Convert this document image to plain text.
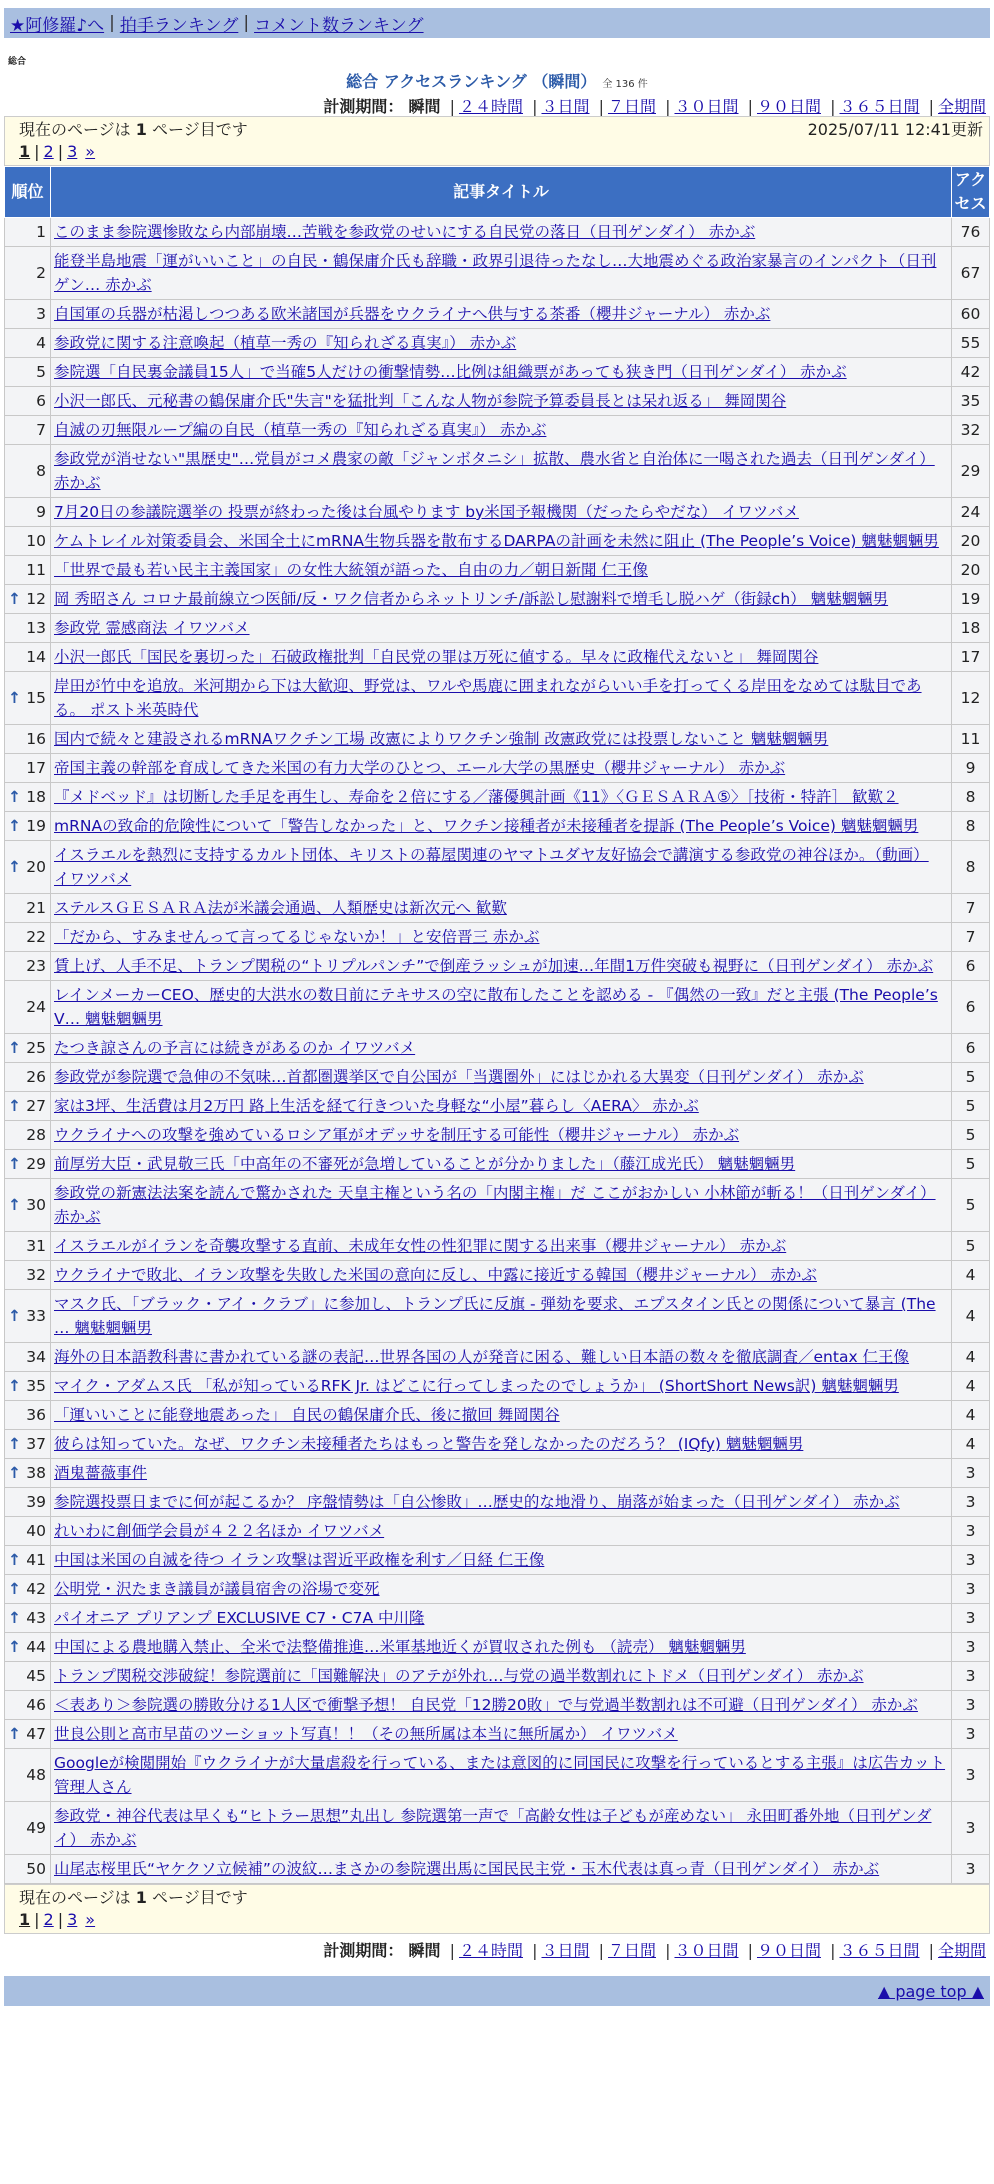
★阿修羅♪へ | 拍手ランキング | コメント数ランキング
総合
総合 アクセスランキング （瞬間） 全 136 件
計測期間： 瞬間 | ２４時間 | ３日間 | ７日間 | ３０日間 | ９０日間 | ３６５日間 | 全期間
現在のページは 1 ページ目です	2025/07/11 12:41更新
1 | 2 | 3 »
順位	記事タイトル	アクセス
1	このまま参院選惨敗なら内部崩壊…苦戦を参政党のせいにする自民党の落日（日刊ゲンダイ） 赤かぶ	76
2	能登半島地震「運がいいこと」の自民・鶴保庸介氏も辞職・政界引退待ったなし…大地震めぐる政治家暴言のインパクト（日刊ゲン… 赤かぶ	67
3	自国軍の兵器が枯渇しつつある欧米諸国が兵器をウクライナへ供与する茶番（櫻井ジャーナル） 赤かぶ	60
4	参政党に関する注意喚起（植草一秀の『知られざる真実』） 赤かぶ	55
5	参院選「自民裏金議員15人」で当確5人だけの衝撃情勢…比例は組織票があっても狭き門（日刊ゲンダイ） 赤かぶ	42
6	小沢一郎氏、元秘書の鶴保庸介氏"失言"を猛批判「こんな人物が参院予算委員長とは呆れ返る」 舞岡関谷	35
7	自滅の刃無限ループ編の自民（植草一秀の『知られざる真実』） 赤かぶ	32
8	参政党が消せない"黒歴史"…党員がコメ農家の敵「ジャンボタニシ」拡散、農水省と自治体に一喝された過去（日刊ゲンダイ） 赤かぶ	29
9	7月20日の参議院選挙の 投票が終わった後は台風やります by米国予報機関（だったらやだな） イワツバメ	24
10	ケムトレイル対策委員会、米国全土にmRNA生物兵器を散布するDARPAの計画を未然に阻止 (The People’s Voice) 魑魅魍魎男	20
11	「世界で最も若い民主主義国家」の女性大統領が語った、自由の力／朝日新聞 仁王像	20

↑ 12	岡 秀昭さん コロナ最前線立つ医師/反・ワク信者からネットリンチ/訴訟し慰謝料で増毛し脱ハゲ（街録ch） 魑魅魍魎男	19
13	参政党 霊感商法 イワツバメ	18
14	小沢一郎氏「国民を裏切った」石破政権批判「自民党の罪は万死に値する。早々に政権代えないと」 舞岡関谷	17

↑ 15	岸田が竹中を追放。米河期から下は大歓迎、野党は、ワルや馬鹿に囲まれながらいい手を打ってくる岸田をなめては駄目である。 ポスト米英時代	12
16	国内で続々と建設されるmRNAワクチン工場 改憲によりワクチン強制 改憲政党には投票しないこと 魑魅魍魎男	11
17	帝国主義の幹部を育成してきた米国の有力大学のひとつ、エール大学の黒歴史（櫻井ジャーナル） 赤かぶ	9

↑ 18	『メドベッド』は切断した手足を再生し、寿命を２倍にする／藩優興計画《11》〈ＧＥＳＡＲＡ⑤〉［技術・特許］ 歓歎２	8

↑ 19	mRNAの致命的危険性について「警告しなかった」と、ワクチン接種者が未接種者を提訴 (The People’s Voice) 魑魅魍魎男	8

↑ 20	イスラエルを熱烈に支持するカルト団体、キリストの幕屋関連のヤマトユダヤ友好協会で講演する参政党の神谷ほか。（動画） イワツバメ	8
21	ステルスＧＥＳＡＲＡ法が米議会通過、人類歴史は新次元へ 歓歎	7
22	「だから、すみませんって言ってるじゃないか！」と安倍晋三 赤かぶ	7
23	賃上げ、人手不足、トランプ関税の“トリプルパンチ”で倒産ラッシュが加速…年間1万件突破も視野に（日刊ゲンダイ） 赤かぶ	6
24	レインメーカーCEO、歴史的大洪水の数日前にテキサスの空に散布したことを認める - 『偶然の一致』だと主張 (The People’s V… 魑魅魍魎男	6

↑ 25	たつき諒さんの予言には続きがあるのか イワツバメ	6
26	参政党が参院選で急伸の不気味…首都圏選挙区で自公国が「当選圏外」にはじかれる大異変（日刊ゲンダイ） 赤かぶ	5

↑ 27	家は3坪、生活費は月2万円 路上生活を経て行きついた身軽な“小屋”暮らし〈AERA〉 赤かぶ	5
28	ウクライナへの攻撃を強めているロシア軍がオデッサを制圧する可能性（櫻井ジャーナル） 赤かぶ	5

↑ 29	前厚労大臣・武見敬三氏「中高年の不審死が急増していることが分かりました」（藤江成光氏） 魑魅魍魎男	5

↑ 30	参政党の新憲法法案を読んで驚かされた 天皇主権という名の「内閣主権」だ ここがおかしい 小林節が斬る！（日刊ゲンダイ） 赤かぶ	5
31	イスラエルがイランを奇襲攻撃する直前、未成年女性の性犯罪に関する出来事（櫻井ジャーナル） 赤かぶ	5
32	ウクライナで敗北、イラン攻撃を失敗した米国の意向に反し、中露に接近する韓国（櫻井ジャーナル） 赤かぶ	4

↑ 33	マスク氏、「ブラック・アイ・クラブ」に参加し、トランプ氏に反旗 - 弾劾を要求、エプスタイン氏との関係について暴言 (The … 魑魅魍魎男	4
34	海外の日本語教科書に書かれている謎の表記…世界各国の人が発音に困る、難しい日本語の数々を徹底調査／entax 仁王像	4

↑ 35	マイク・アダムス氏 「私が知っているRFK Jr. はどこに行ってしまったのでしょうか」 (ShortShort News訳) 魑魅魍魎男	4
36	「運いいことに能登地震あった」 自民の鶴保庸介氏、後に撤回 舞岡関谷	4

↑ 37	彼らは知っていた。なぜ、ワクチン未接種者たちはもっと警告を発しなかったのだろう？ (IQfy) 魑魅魍魎男	4

↑ 38	酒鬼薔薇事件	3
39	参院選投票日までに何が起こるか？ 序盤情勢は「自公惨敗」…歴史的な地滑り、崩落が始まった（日刊ゲンダイ） 赤かぶ	3
40	れいわに創価学会員が４２２名ほか イワツバメ	3

↑ 41	中国は米国の自滅を待つ イラン攻撃は習近平政権を利す／日経 仁王像	3

↑ 42	公明党・沢たまき議員が議員宿舎の浴場で変死	3

↑ 43	パイオニア プリアンプ EXCLUSIVE C7・C7A 中川隆	3

↑ 44	中国による農地購入禁止、全米で法整備推進…米軍基地近くが買収された例も （読売） 魑魅魍魎男	3
45	トランプ関税交渉破綻！参院選前に「国難解決」のアテが外れ…与党の過半数割れにトドメ（日刊ゲンダイ） 赤かぶ	3
46	＜表あり＞参院選の勝敗分ける1人区で衝撃予想！ 自民党「12勝20敗」で与党過半数割れは不可避（日刊ゲンダイ） 赤かぶ	3

↑ 47	世良公則と高市早苗のツーショット写真！！（その無所属は本当に無所属か） イワツバメ	3
48	Googleが検閲開始『ウクライナが大量虐殺を行っている、または意図的に同国民に攻撃を行っているとする主張』は広告カット 管理人さん	3
49	参政党・神谷代表は早くも“ヒトラー思想”丸出し 参院選第一声で「高齢女性は子どもが産めない」 永田町番外地（日刊ゲンダイ） 赤かぶ	3
50	山尾志桜里氏“ヤケクソ立候補”の波紋…まさかの参院選出馬に国民民主党・玉木代表は真っ青（日刊ゲンダイ） 赤かぶ	3
現在のページは 1 ページ目です
1 | 2 | 3 »
計測期間： 瞬間 | ２４時間 | ３日間 | ７日間 | ３０日間 | ９０日間 | ３６５日間 | 全期間
▲ page top ▲
